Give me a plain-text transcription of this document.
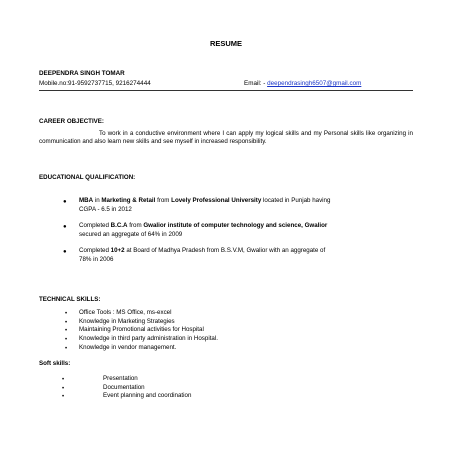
RESUME
DEEPENDRA SINGH TOMAR
Mobile.no:91-9592737715, 9216274444	Email: - deependrasingh6507@gmail.com
CAREER OBJECTIVE:
To work in a conductive environment where I can apply my logical skills and my Personal skills like organizing in communication and also learn new skills and see myself in increased responsibility.
EDUCATIONAL QUALIFICATION:
● MBA in Marketing & Retail from Lovely Professional University located in Punjab having
CGPA - 6.5 in 2012
● Completed B.C.A from Gwalior institute of computer technology and science, Gwalior
secured an aggregate of 64% in 2009
● Completed 10+2 at Board of Madhya Pradesh from B.S.V.M, Gwalior with an aggregate of
78% in 2006
TECHNICAL SKILLS:
• Office Tools : MS Office, ms-excel
• Knowledge in Marketing Strategies
• Maintaining Promotional activities for Hospital
• Knowledge in third party administration in Hospital.
• Knowledge in vendor management.
Soft skills:
•	Presentation
•	Documentation
•	Event planning and coordination
